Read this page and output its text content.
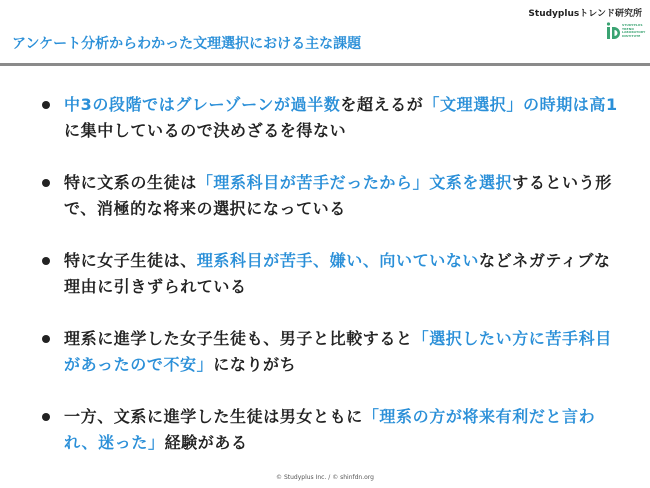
Studyplusトレンド研究所
アンケート分析からわかった文理選択における主な課題
STUDYPLUS
TREND
LABORATORY
INSTITUTE
中3の段階ではグレーゾーンが過半数を超えるが「文理選択」の時期は高1に集中しているので決めざるを得ない
特に文系の生徒は「理系科目が苦手だったから」文系を選択するという形で、消極的な将来の選択になっている
特に女子生徒は、理系科目が苦手、嫌い、向いていないなどネガティブな理由に引きずられている
理系に進学した女子生徒も、男子と比較すると「選択したい方に苦手科目があったので不安」になりがち
一方、文系に進学した生徒は男女ともに「理系の方が将来有利だと言われ、迷った」経験がある
© Studyplus Inc. / © shinfdn.org
